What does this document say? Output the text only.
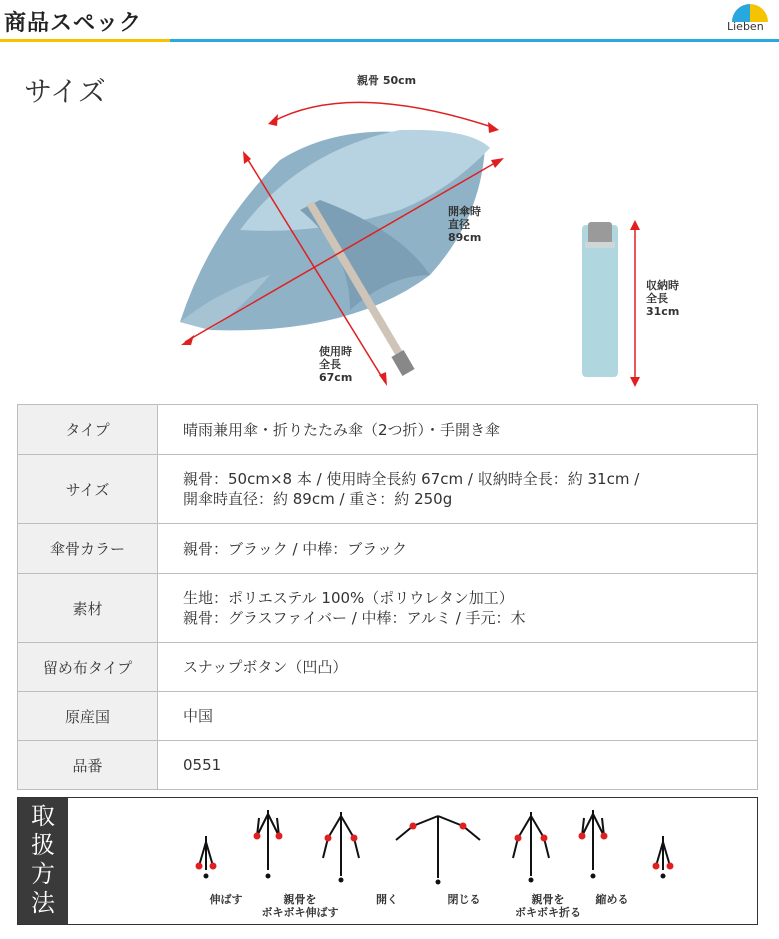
商品スペック	Lieben
サイズ	親骨 50cm
開傘時
直径
89cm
使用時
全長
67cm
収納時
全長
31cm
タイプ	晴雨兼用傘・折りたたみ傘（2つ折）・手開き傘

サイズ	親骨：50cm×8 本 / 使用時全長約 67cm / 収納時全長：約 31cm /
開傘時直径：約 89cm / 重さ：約 250g

傘骨カラー	親骨：ブラック / 中棒：ブラック

素材	生地：ポリエステル 100%（ポリウレタン加工）
親骨：グラスファイバー / 中棒：アルミ / 手元：木

留め布タイプ	スナップボタン（凹凸）

原産国	中国

品番	0551
取
扱
方
法	伸ばす	親骨を
ボキボキ伸ばす
開く	閉じる	親骨を
ボキボキ折る
縮める
